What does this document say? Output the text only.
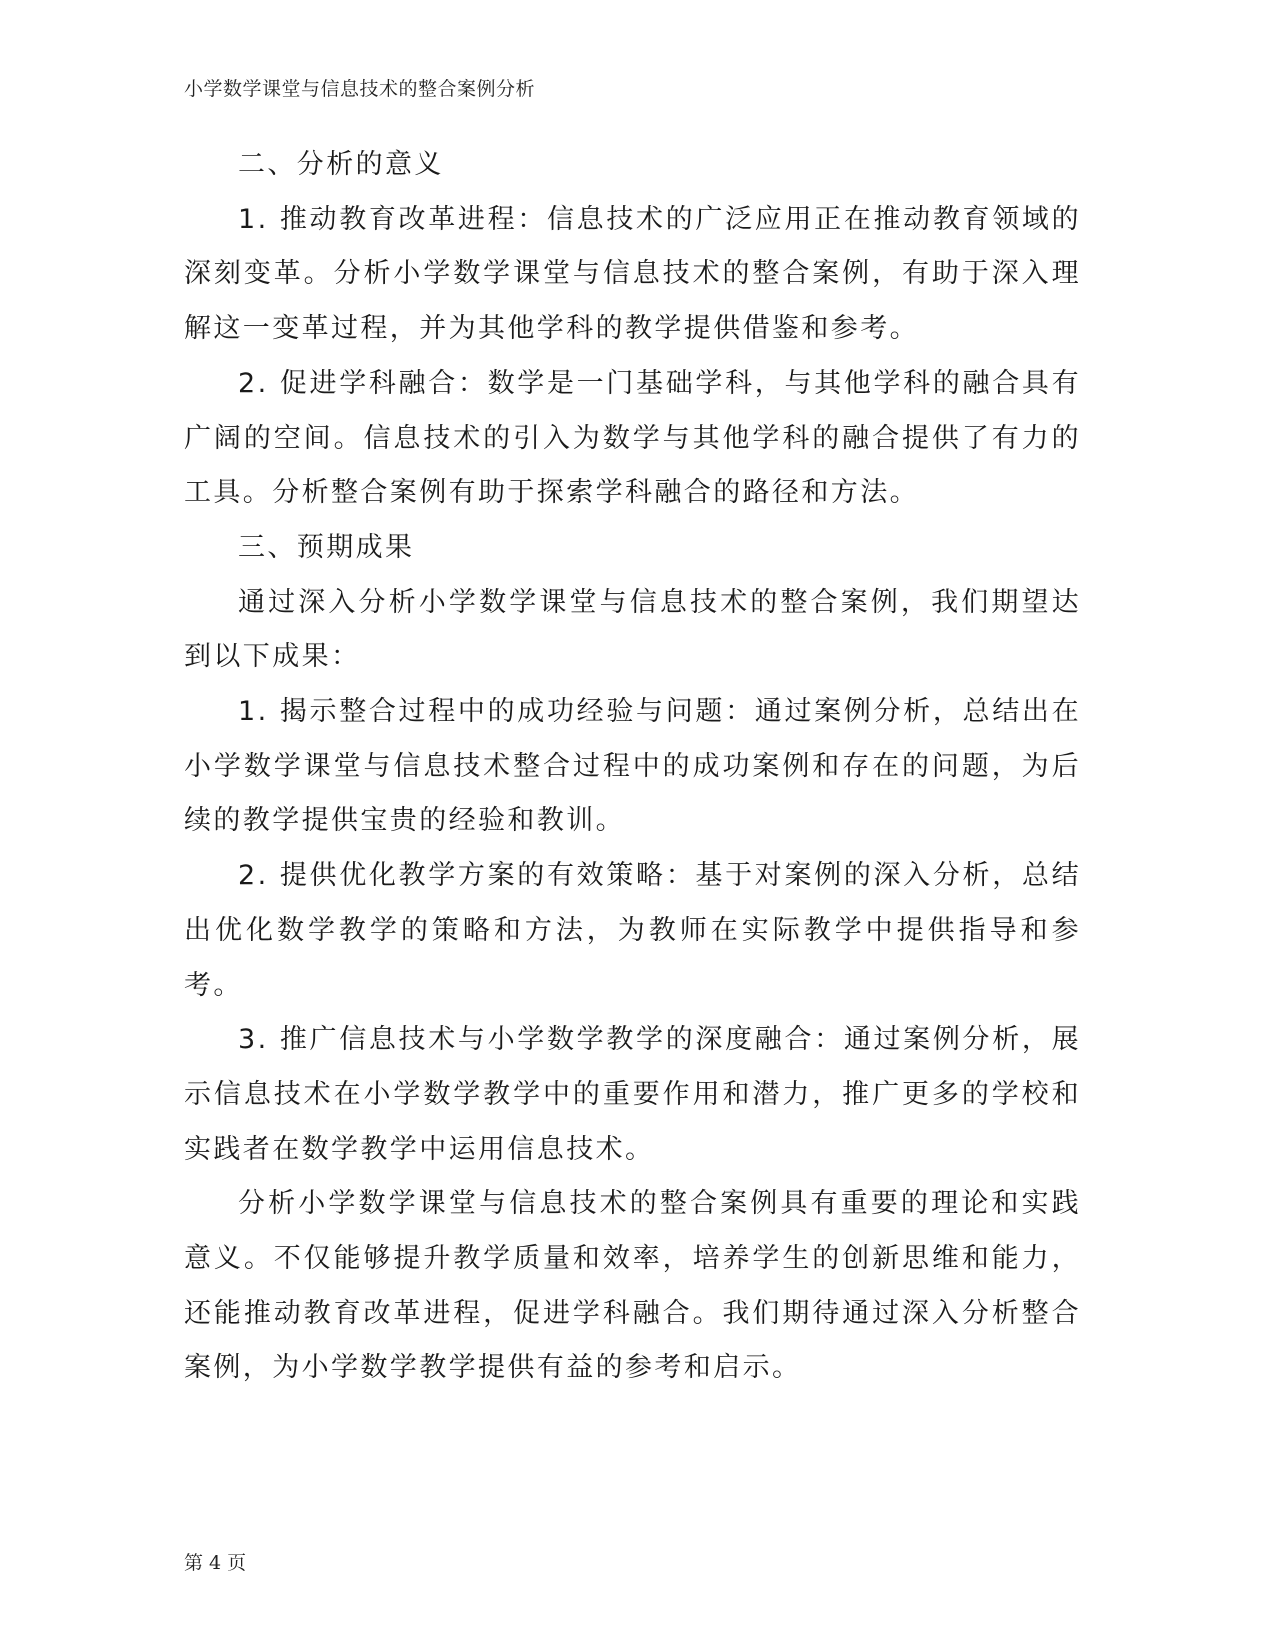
小学数学课堂与信息技术的整合案例分析

二、分析的意义

1. 推动教育改革进程：信息技术的广泛应用正在推动教育领域的深刻变革。分析小学数学课堂与信息技术的整合案例，有助于深入理解这一变革过程，并为其他学科的教学提供借鉴和参考。

2. 促进学科融合：数学是一门基础学科，与其他学科的融合具有广阔的空间。信息技术的引入为数学与其他学科的融合提供了有力的工具。分析整合案例有助于探索学科融合的路径和方法。

三、预期成果

通过深入分析小学数学课堂与信息技术的整合案例，我们期望达到以下成果：

1. 揭示整合过程中的成功经验与问题：通过案例分析，总结出在小学数学课堂与信息技术整合过程中的成功案例和存在的问题，为后续的教学提供宝贵的经验和教训。

2. 提供优化教学方案的有效策略：基于对案例的深入分析，总结出优化数学教学的策略和方法，为教师在实际教学中提供指导和参考。

3. 推广信息技术与小学数学教学的深度融合：通过案例分析，展示信息技术在小学数学教学中的重要作用和潜力，推广更多的学校和实践者在数学教学中运用信息技术。

分析小学数学课堂与信息技术的整合案例具有重要的理论和实践意义。不仅能够提升教学质量和效率，培养学生的创新思维和能力，还能推动教育改革进程，促进学科融合。我们期待通过深入分析整合案例，为小学数学教学提供有益的参考和启示。

第 4 页
